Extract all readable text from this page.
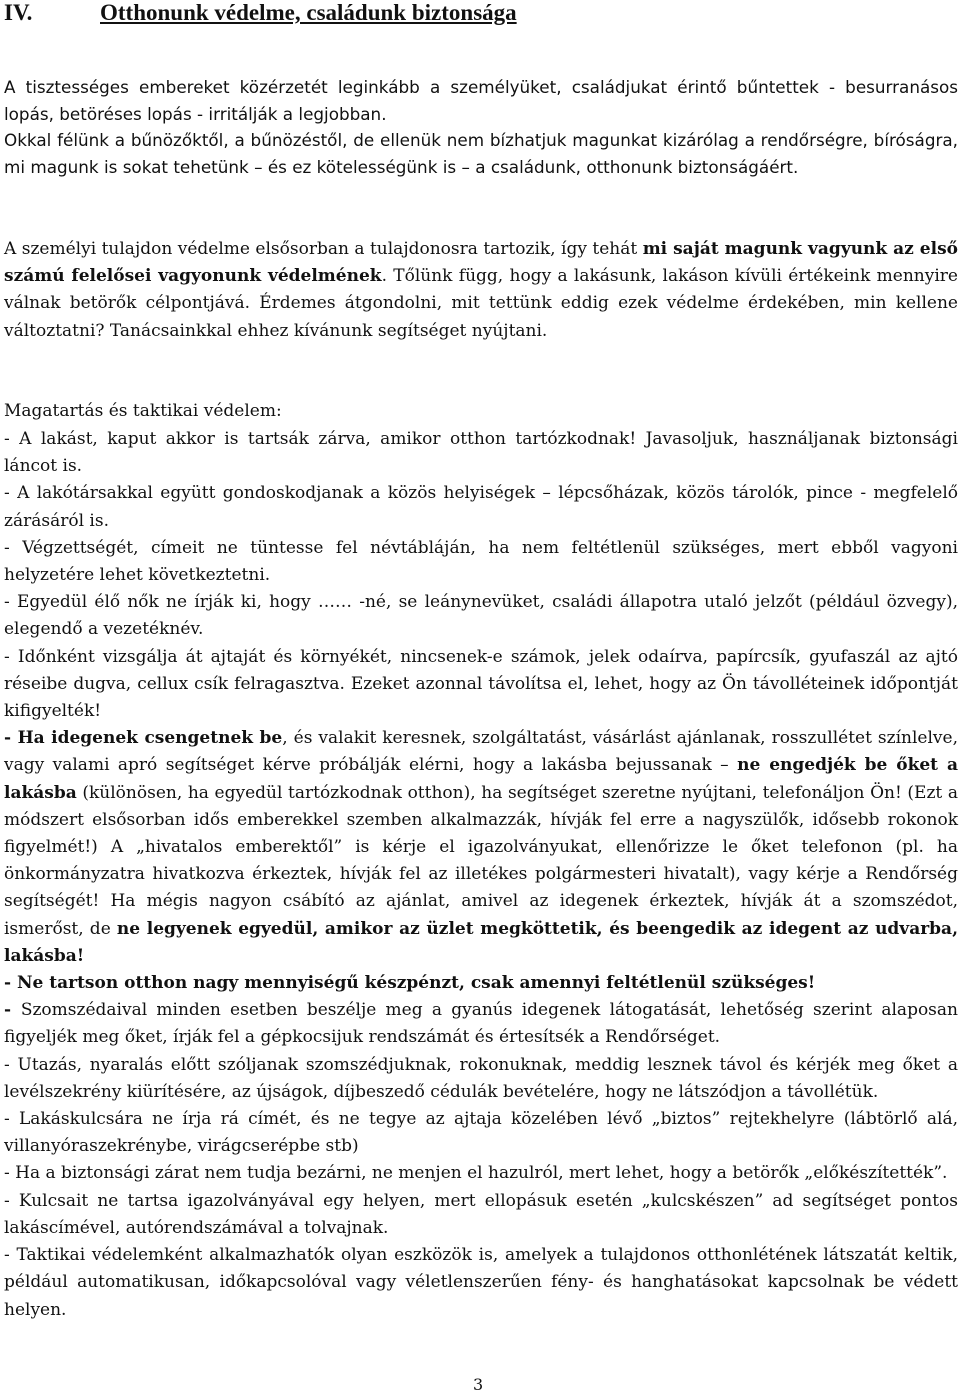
IV.	Otthonunk védelme, családunk biztonsága

A tisztességes embereket közérzetét leginkább a személyüket, családjukat érintő bűntettek - besurranásos lopás, betöréses lopás - irritálják a legjobban.

Okkal félünk a bűnözőktől, a bűnözéstől, de ellenük nem bízhatjuk magunkat kizárólag a rendőrségre, bíróságra, mi magunk is sokat tehetünk – és ez kötelességünk is – a családunk, otthonunk biztonságáért.

A személyi tulajdon védelme elsősorban a tulajdonosra tartozik, így tehát mi saját magunk vagyunk az első számú felelősei vagyonunk védelmének. Tőlünk függ, hogy a lakásunk, lakáson kívüli értékeink mennyire válnak betörők célpontjává. Érdemes átgondolni, mit tettünk eddig ezek védelme érdekében, min kellene változtatni? Tanácsainkkal ehhez kívánunk segítséget nyújtani.

Magatartás és taktikai védelem:

- A lakást, kaput akkor is tartsák zárva, amikor otthon tartózkodnak! Javasoljuk, használjanak biztonsági láncot is.

- A lakótársakkal együtt gondoskodjanak a közös helyiségek – lépcsőházak, közös tárolók, pince - megfelelő zárásáról is.

- Végzettségét, címeit ne tüntesse fel névtábláján, ha nem feltétlenül szükséges, mert ebből vagyoni helyzetére lehet következtetni.

- Egyedül élő nők ne írják ki, hogy …… -né, se leánynevüket, családi állapotra utaló jelzőt (például özvegy), elegendő a vezetéknév.

- Időnként vizsgálja át ajtaját és környékét, nincsenek-e számok, jelek odaírva, papírcsík, gyufaszál az ajtó réseibe dugva, cellux csík felragasztva. Ezeket azonnal távolítsa el, lehet, hogy az Ön távolléteinek időpontját kifigyelték!

- Ha idegenek csengetnek be, és valakit keresnek, szolgáltatást, vásárlást ajánlanak, rosszullétet színlelve, vagy valami apró segítséget kérve próbálják elérni, hogy a lakásba bejussanak – ne engedjék be őket a lakásba (különösen, ha egyedül tartózkodnak otthon), ha segítséget szeretne nyújtani, telefonáljon Ön! (Ezt a módszert elsősorban idős emberekkel szemben alkalmazzák, hívják fel erre a nagyszülők, idősebb rokonok figyelmét!) A „hivatalos emberektől” is kérje el igazolványukat, ellenőrizze le őket telefonon (pl. ha önkormányzatra hivatkozva érkeztek, hívják fel az illetékes polgármesteri hivatalt), vagy kérje a Rendőrség segítségét! Ha mégis nagyon csábító az ajánlat, amivel az idegenek érkeztek, hívják át a szomszédot, ismerőst, de ne legyenek egyedül, amikor az üzlet megköttetik, és beengedik az idegent az udvarba, lakásba!

- Ne tartson otthon nagy mennyiségű készpénzt, csak amennyi feltétlenül szükséges!

- Szomszédaival minden esetben beszélje meg a gyanús idegenek látogatását, lehetőség szerint alaposan figyeljék meg őket, írják fel a gépkocsijuk rendszámát és értesítsék a Rendőrséget.

- Utazás, nyaralás előtt szóljanak szomszédjuknak, rokonuknak, meddig lesznek távol és kérjék meg őket a levélszekrény kiürítésére, az újságok, díjbeszedő cédulák bevételére, hogy ne látszódjon a távollétük.

- Lakáskulcsára ne írja rá címét, és ne tegye az ajtaja közelében lévő „biztos” rejtekhelyre (lábtörlő alá, villanyóraszekrénybe, virágcserépbe stb)

- Ha a biztonsági zárat nem tudja bezárni, ne menjen el hazulról, mert lehet, hogy a betörők „előkészítették”.

- Kulcsait ne tartsa igazolványával egy helyen, mert ellopásuk esetén „kulcskészen” ad segítséget pontos lakáscímével, autórendszámával a tolvajnak.

- Taktikai védelemként alkalmazhatók olyan eszközök is, amelyek a tulajdonos otthonlétének látszatát keltik, például automatikusan, időkapcsolóval vagy véletlenszerűen fény- és hanghatásokat kapcsolnak be védett helyen.

3
